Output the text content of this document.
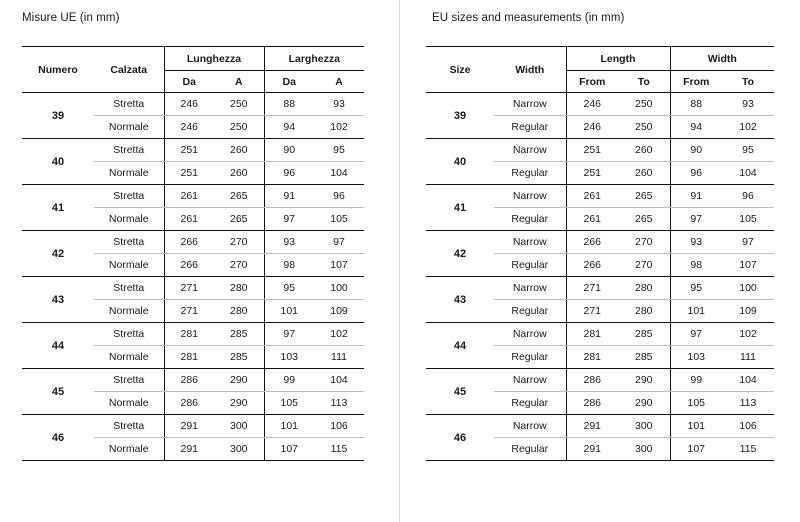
Misure UE (in mm)
Numero	Calzata	Lunghezza		Larghezza	
		Da	A	Da	A
39	Stretta	246	250	88	93
	Normale	246	250	94	102
40	Stretta	251	260	90	95
	Normale	251	260	96	104
41	Stretta	261	265	91	96
	Normale	261	265	97	105
42	Stretta	266	270	93	97
	Normale	266	270	98	107
43	Stretta	271	280	95	100
	Normale	271	280	101	109
44	Stretta	281	285	97	102
	Normale	281	285	103	111
45	Stretta	286	290	99	104
	Normale	286	290	105	113
46	Stretta	291	300	101	106
	Normale	291	300	107	115
EU sizes and measurements (in mm)
Size	Width	Length		Width	
		From	To	From	To
39	Narrow	246	250	88	93
	Regular	246	250	94	102
40	Narrow	251	260	90	95
	Regular	251	260	96	104
41	Narrow	261	265	91	96
	Regular	261	265	97	105
42	Narrow	266	270	93	97
	Regular	266	270	98	107
43	Narrow	271	280	95	100
	Regular	271	280	101	109
44	Narrow	281	285	97	102
	Regular	281	285	103	111
45	Narrow	286	290	99	104
	Regular	286	290	105	113
46	Narrow	291	300	101	106
	Regular	291	300	107	115
